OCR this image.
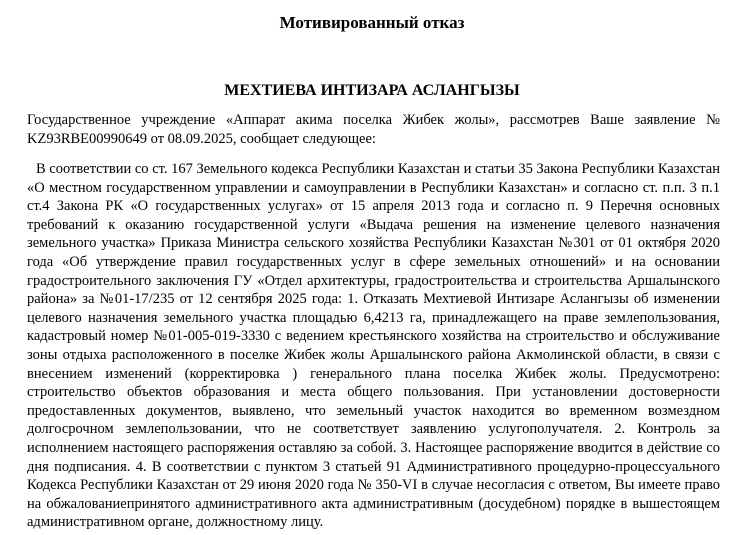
Мотивированный отказ
МЕХТИЕВА ИНТИЗАРА АСЛАНГЫЗЫ

Государственное учреждение «Аппарат акима поселка Жибек жолы», рассмотрев Ваше заявление № KZ93RBE00990649 от 08.09.2025, сообщает следующее:

В соответствии со ст. 167 Земельного кодекса Республики Казахстан и статьи 35 Закона Республики Казахстан «О местном государственном управлении и самоуправлении в Республики Казахстан» и согласно ст. п.п. 3 п.1 ст.4 Закона РК «О государственных услугах» от 15 апреля 2013 года и согласно п. 9 Перечня основных требований к оказанию государственной услуги «Выдача решения на изменение целевого назначения земельного участка» Приказа Министра сельского хозяйства Республики Казахстан №301 от 01 октября 2020 года «Об утверждение правил государственных услуг в сфере земельных отношений» и на основании градостроительного заключения ГУ «Отдел архитектуры, градостроительства и строительства Аршалынского района» за №01-17/235 от 12 сентября 2025 года: 1. Отказать Мехтиевой Интизаре Аслангызы об изменении целевого назначения земельного участка площадью 6,4213 га, принадлежащего на праве землепользования, кадастровый номер №01-005-019-3330 с ведением крестьянского хозяйства на строительство и обслуживание зоны отдыха расположенного в поселке Жибек жолы Аршалынского района Акмолинской области, в связи с внесением изменений (корректировка ) генерального плана поселка Жибек жолы. Предусмотрено: строительство объектов образования и места общего пользования. При установлении достоверности предоставленных документов, выявлено, что земельный участок находится во временном возмездном долгосрочном землепользовании, что не соответствует заявлению услугополучателя. 2. Контроль за исполнением настоящего распоряжения оставляю за собой. 3. Настоящее распоряжение вводится в действие со дня подписания. 4. В соответствии с пунктом 3 статьей 91 Административного процедурно-процессуального Кодекса Республики Казахстан от 29 июня 2020 года № 350-VI в случае несогласия с ответом, Вы имеете право на обжалованиепринятого административного акта административным (досудебном) порядке в вышестоящем административном органе, должностному лицу.
